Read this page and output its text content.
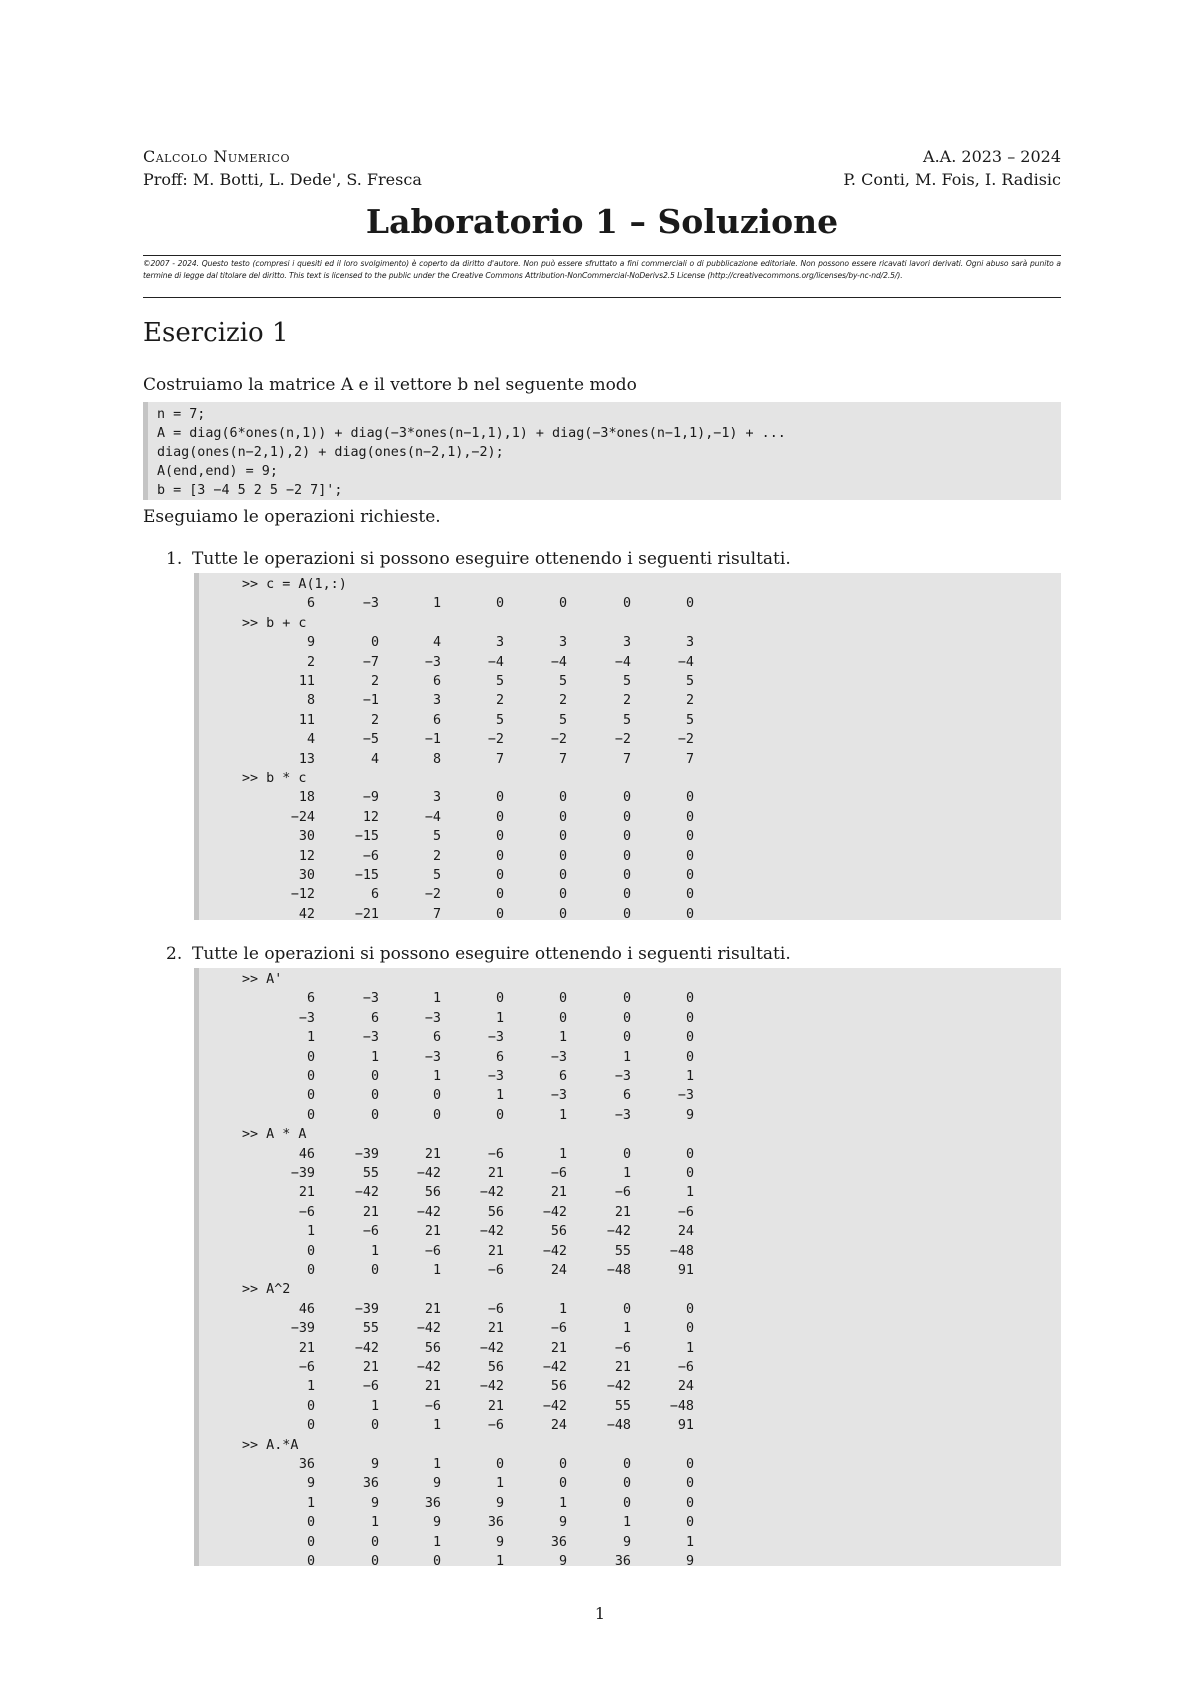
Calcolo Numerico	A.A. 2023 – 2024
Proff: M. Botti, L. Dede', S. Fresca	P. Conti, M. Fois, I. Radisic
Laboratorio 1 – Soluzione
©2007 - 2024. Questo testo (compresi i quesiti ed il loro svolgimento) è coperto da diritto d'autore. Non può essere sfruttato a fini commerciali o di pubblicazione editoriale. Non possono essere ricavati lavori derivati. Ogni abuso sarà punito a termine di legge dal titolare del diritto. This text is licensed to the public under the Creative Commons Attribution-NonCommercial-NoDerivs2.5 License (http://creativecommons.org/licenses/by-nc-nd/2.5/).
Esercizio 1
Costruiamo la matrice A e il vettore b nel seguente modo
n = 7;
A = diag(6*ones(n,1)) + diag(−3*ones(n−1,1),1) + diag(−3*ones(n−1,1),−1) + ...
diag(ones(n−2,1),2) + diag(ones(n−2,1),−2);
A(end,end) = 9;
b = [3 −4 5 2 5 −2 7]';
Eseguiamo le operazioni richieste.
1. Tutte le operazioni si possono eseguire ottenendo i seguenti risultati.
>> c = A(1,:)
6	−3	1	0	0	0	0
>> b + c
9	0	4	3	3	3	3
2	−7	−3	−4	−4	−4	−4
11	2	6	5	5	5	5
8	−1	3	2	2	2	2
11	2	6	5	5	5	5
4	−5	−1	−2	−2	−2	−2
13	4	8	7	7	7	7
>> b * c
18	−9	3	0	0	0	0
−24	12	−4	0	0	0	0
30	−15	5	0	0	0	0
12	−6	2	0	0	0	0
30	−15	5	0	0	0	0
−12	6	−2	0	0	0	0
42	−21	7	0	0	0	0
2. Tutte le operazioni si possono eseguire ottenendo i seguenti risultati.
>> A'
6	−3	1	0	0	0	0
−3	6	−3	1	0	0	0
1	−3	6	−3	1	0	0
0	1	−3	6	−3	1	0
0	0	1	−3	6	−3	1
0	0	0	1	−3	6	−3
0	0	0	0	1	−3	9
>> A * A
46	−39	21	−6	1	0	0
−39	55	−42	21	−6	1	0
21	−42	56	−42	21	−6	1
−6	21	−42	56	−42	21	−6
1	−6	21	−42	56	−42	24
0	1	−6	21	−42	55	−48
0	0	1	−6	24	−48	91
>> A^2
46	−39	21	−6	1	0	0
−39	55	−42	21	−6	1	0
21	−42	56	−42	21	−6	1
−6	21	−42	56	−42	21	−6
1	−6	21	−42	56	−42	24
0	1	−6	21	−42	55	−48
0	0	1	−6	24	−48	91
>> A.*A
36	9	1	0	0	0	0
9	36	9	1	0	0	0
1	9	36	9	1	0	0
0	1	9	36	9	1	0
0	0	1	9	36	9	1
0	0	0	1	9	36	9
1
